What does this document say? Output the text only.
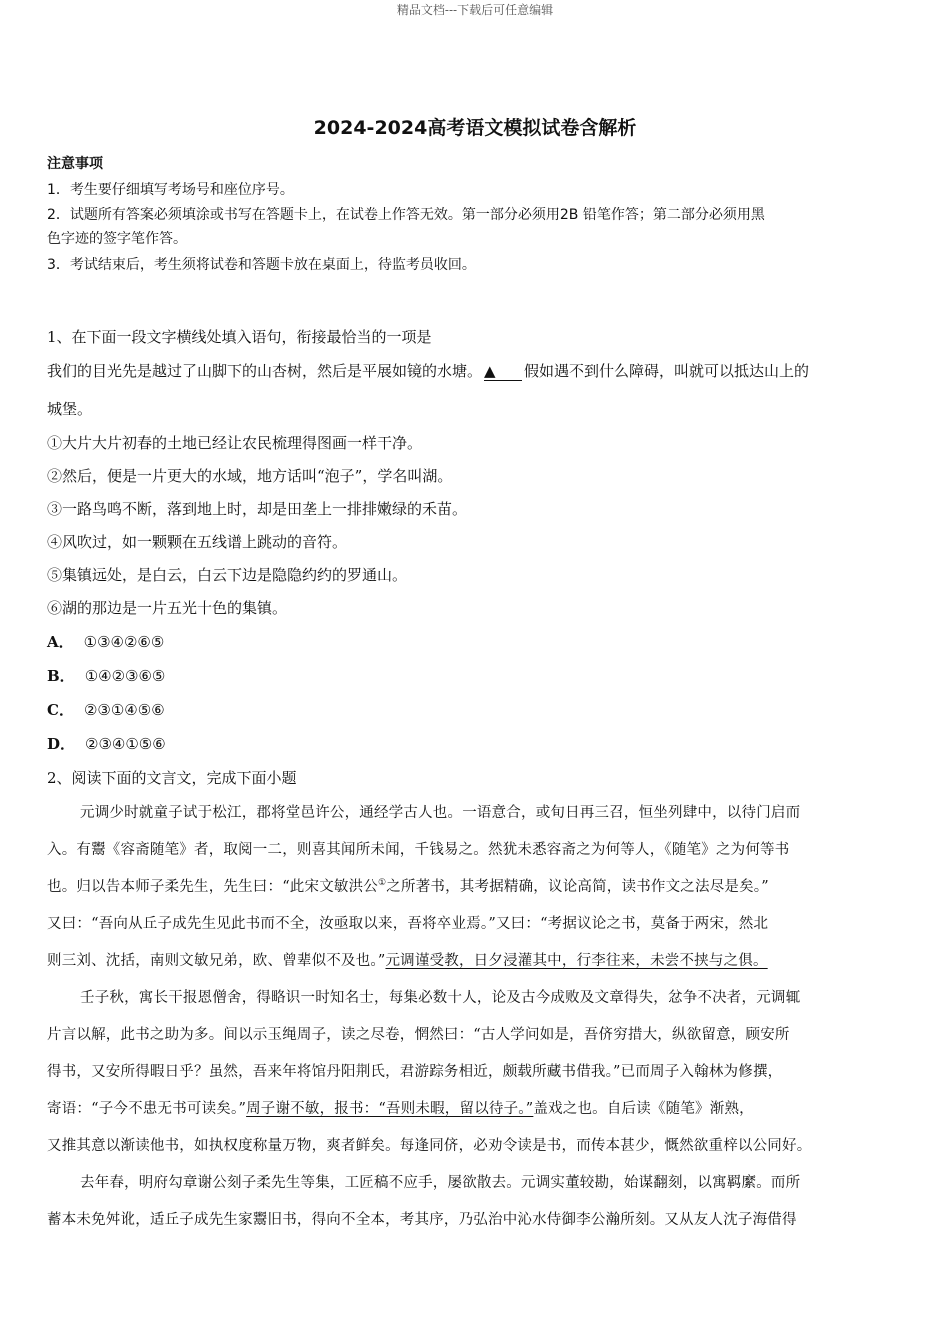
精品文档---下载后可任意编辑
2024-2024高考语文模拟试卷含解析
注意事项
1．考生要仔细填写考场号和座位序号。
2．试题所有答案必须填涂或书写在答题卡上，在试卷上作答无效。第一部分必须用2B 铅笔作答；第二部分必须用黑
色字迹的签字笔作答。
3．考试结束后，考生须将试卷和答题卡放在桌面上，待监考员收回。
1、在下面一段文字横线处填入语句，衔接最恰当的一项是
我们的目光先是越过了山脚下的山杏树，然后是平展如镜的水塘。 ▲ 假如遇不到什么障碍，叫就可以抵达山上的
城堡。
①大片大片初春的土地已经让农民梳理得图画一样干净。
②然后，便是一片更大的水域，地方话叫“泡子”，学名叫湖。
③一路鸟鸣不断，落到地上时，却是田垄上一排排嫩绿的禾苗。
④风吹过，如一颗颗在五线谱上跳动的音符。
⑤集镇远处，是白云，白云下边是隐隐约约的罗通山。
⑥湖的那边是一片五光十色的集镇。
A． ①③④②⑥⑤
B． ①④②③⑥⑤
C． ②③①④⑤⑥
D． ②③④①⑤⑥
2、阅读下面的文言文，完成下面小题
元调少时就童子试于松江，郡将堂邑许公，通经学古人也。一语意合，或旬日再三召，恒坐列肆中，以待门启而
入。有鬻《容斋随笔》者，取阅一二，则喜其闻所未闻，千钱易之。然犹未悉容斋之为何等人，《随笔》之为何等书
也。归以告本师子柔先生，先生曰：“此宋文敏洪公①之所著书，其考据精确，议论高简，读书作文之法尽是矣。”
又曰：“吾向从丘子成先生见此书而不全，汝亟取以来，吾将卒业焉。”又曰：“考据议论之书，莫备于两宋，然北
则三刘、沈括，南则文敏兄弟，欧、曾辈似不及也。”元调谨受教，日夕浸灌其中，行李往来，未尝不挟与之俱。
壬子秋，寓长干报恩僧舍，得略识一时知名士，每集必数十人，论及古今成败及文章得失，忿争不决者，元调辄
片言以解，此书之助为多。间以示玉绳周子，读之尽卷，惘然曰：“古人学问如是，吾侪穷措大，纵欲留意，顾安所
得书，又安所得暇日乎？虽然，吾来年将馆丹阳荆氏，君游踪务相近，颇载所藏书借我。”已而周子入翰林为修撰，
寄语：“子今不患无书可读矣。”周子谢不敏，报书：“吾则未暇，留以待子。”盖戏之也。自后读《随笔》渐熟，
又推其意以渐读他书，如执权度称量万物，爽者鲜矣。每逢同侪，必劝令读是书，而传本甚少，慨然欲重梓以公同好。
去年春，明府勾章谢公刻子柔先生等集，工匠稿不应手，屡欲散去。元调实董较勘，始谋翻刻，以寓羁縻。而所
蓄本未免舛讹，适丘子成先生家鬻旧书，得向不全本，考其序，乃弘治中沁水侍御李公瀚所刻。又从友人沈子海借得
